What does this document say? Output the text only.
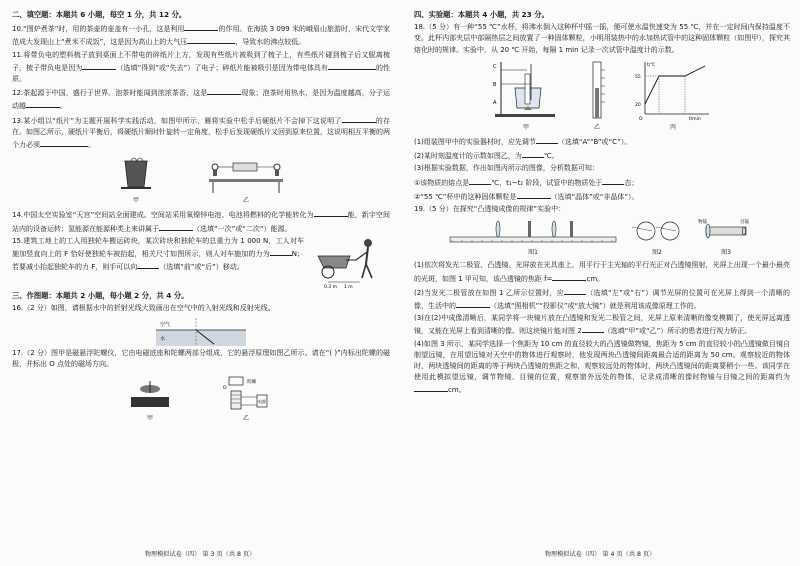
二、填空题：本题共 6 小题，每空 1 分，共 12 分。
10.“围炉煮茶”时，用的茶壶的壶盖有一小孔，这是利用	的作用。在海拔 3 099 米的峨眉山旅游时，宋代文学家范成大发现山上“煮米不成饭”，这是因为高山上的大气压	，导致水的沸点较低。
11.将带负电的塑料梳子放到桌面上不带电的碎纸片上方，发现有些纸片被吸到了梳子上，有些纸片碰到梳子后又脱离梳子，梳子带负电是因为	（选填“得到”或“失去”）了电子；碎纸片能被吸引是因为带电体具有	的性质。
12.茶起源于中国，盛行于世界。泡茶时能闻到浓浓茶香，这是	现象；泡茶时用热水，是因为温度越高，分子运动越	。
13.某小组以“纸片”为主题开展科学实践活动，如图甲所示，雁将实验中松手后硬纸片不会掉下这说明了	的存在。如图乙所示，硬纸片平衡后，将硬纸片顺时针旋转一定角度，松手后发现硬纸片又回到原来位置，这说明相互平衡的两个力必须	。
甲	乙
14.中国太空实验室“天宫”空间站全面建成。空间站采用氧镍锌电池、电池将燃料的化学能转化为	能，新宇空间站内的设备运转；氢能源在能源种类上来讲属于	（选填“一次”或“二次”）能源。
0.3 m 1 m
15.建筑工地上的工人用独轮车搬运砖块，某次砖块和独轮车的总重力为 1 000 N，工人对车施加竖直向上的 F 恰好使独轮车被抬起，相关尺寸如图所示，则人对车施加的力为	N；若要减小抬起独轮车的力 F，则手可以向	（选填“前”或“后”）移动。
三、作图题：本题共 2 小题，每小题 2 分，共 4 分。
16.（2 分）如图，请根据水中的折射光线大致画出在空气中的入射光线和反射光线。
空气
水
17.（2 分）图甲是磁悬浮陀螺仪，它由电磁底座和陀螺两部分组成，它的悬浮原理如图乙所示。请在“( )”内标出陀螺的磁极，并标出 O 点处的磁场方向。
甲
陀螺
电源
O
乙
物理模拟试卷（四） 第 3 页（共 8 页）
四、实验题：本题共 4 小题，共 23 分。
18.（5 分）有一种“55 ℃”水杯，将沸水倒入这种杯中摇一摇，便可使水温快速变为 55 ℃，并在一定时间内保持温度不变。此杯内部夹层中部隔热层之间放置了一种固体颗粒，小明用装热中的水加热试管中的这种固体颗粒（如图甲），探究其熔化时的规律。实验中，从 20 ℃ 开始，每隔 1 min 记录一次试管中温度计的示数。
C
B
A
甲	乙
t/℃
t/min
55
20
O
丙
(1)组装图甲中的实验器材时，应先调节	（选填“A”“B”或“C”）。
(2)某时刻温度计的示数如图乙，为	℃。
(3)根据实验数据，作出如图丙所示的图像，分析数据可知：
①该物质的熔点是	℃，t₁~t₂ 阶段，试管中的物质处于	态；
②“55 ℃”杯中的这种固体颗粒是	（选填“晶体”或“非晶体”）。
19.（5 分）在探究“凸透镜成像的规律”实验中：
图1	图2
物镜	目镜
图3
(1)依次将发光二极管、凸透镜、光屏放在光具座上，用平行于主光轴的平行光正对凸透镜照射，光屏上出现一个最小最亮的光斑，如图 1 甲可知，该凸透镜的焦距 f=	cm。
(2)当发光二极管放在如图 1 乙所示位置时，应	（选填“左”或“右”）调节光屏的位置可在光屏上得到一个清晰的像，生活中的	（选填“照相机”“投影仪”或“放大镜”）就是利用该成像原理工作的。
(3)在(2)中成像清晰后，某同学将一块镜片放在凸透镜和发光二极管之间，光屏上原来清晰的像变模糊了，使光屏远离透镜，又能在光屏上看到清晰的像。则这块镜片能对图 2	（选填“甲”或“乙”）所示的患者进行视力矫正。
(4)如图 3 所示，某同学选择一个焦距为 10 cm 的直径较大的凸透镜做物镜，焦距为 5 cm 的直径较小的凸透镜做目镜自制望远镜，在用望远镜对天空中的物体进行观察时，他发现两块凸透镜间距离最合适的距离为 50 cm。观察较近的物体时，两块透镜间的距离的等于两块凸透镜的焦距之和，观察较远处的物体时，两块凸透镜间的距离要稍小一些。该同学在使用此模拟望远镜，调节物镜、目镜的位置，观察窗外远处的物体，记录成清晰的像时物镜与目镜之间的距离约为cm。
物理模拟试卷（四） 第 4 页（共 8 页）
